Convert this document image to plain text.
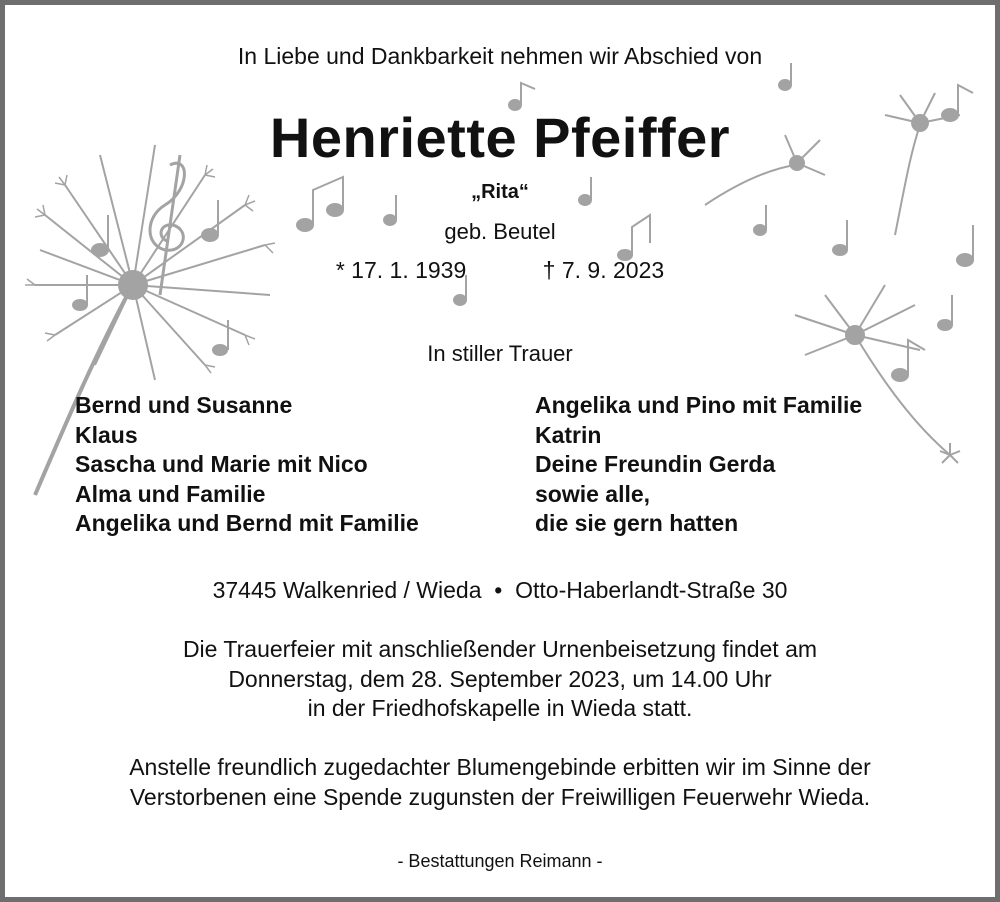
In Liebe und Dankbarkeit nehmen wir Abschied von
Henriette Pfeiffer
„Rita“
geb. Beutel
* 17. 1. 1939	† 7. 9. 2023
In stiller Trauer
Bernd und Susanne
Klaus
Sascha und Marie mit Nico
Alma und Familie
Angelika und Bernd mit Familie
Angelika und Pino mit Familie
Katrin
Deine Freundin Gerda
sowie alle,
die sie gern hatten
37445 Walkenried / Wieda  •  Otto-Haberlandt-Straße 30
Die Trauerfeier mit anschließender Urnenbeisetzung findet am
Donnerstag, dem 28. September 2023, um 14.00 Uhr
in der Friedhofskapelle in Wieda statt.
Anstelle freundlich zugedachter Blumengebinde erbitten wir im Sinne der
Verstorbenen eine Spende zugunsten der Freiwilligen Feuerwehr Wieda.
- Bestattungen Reimann -
